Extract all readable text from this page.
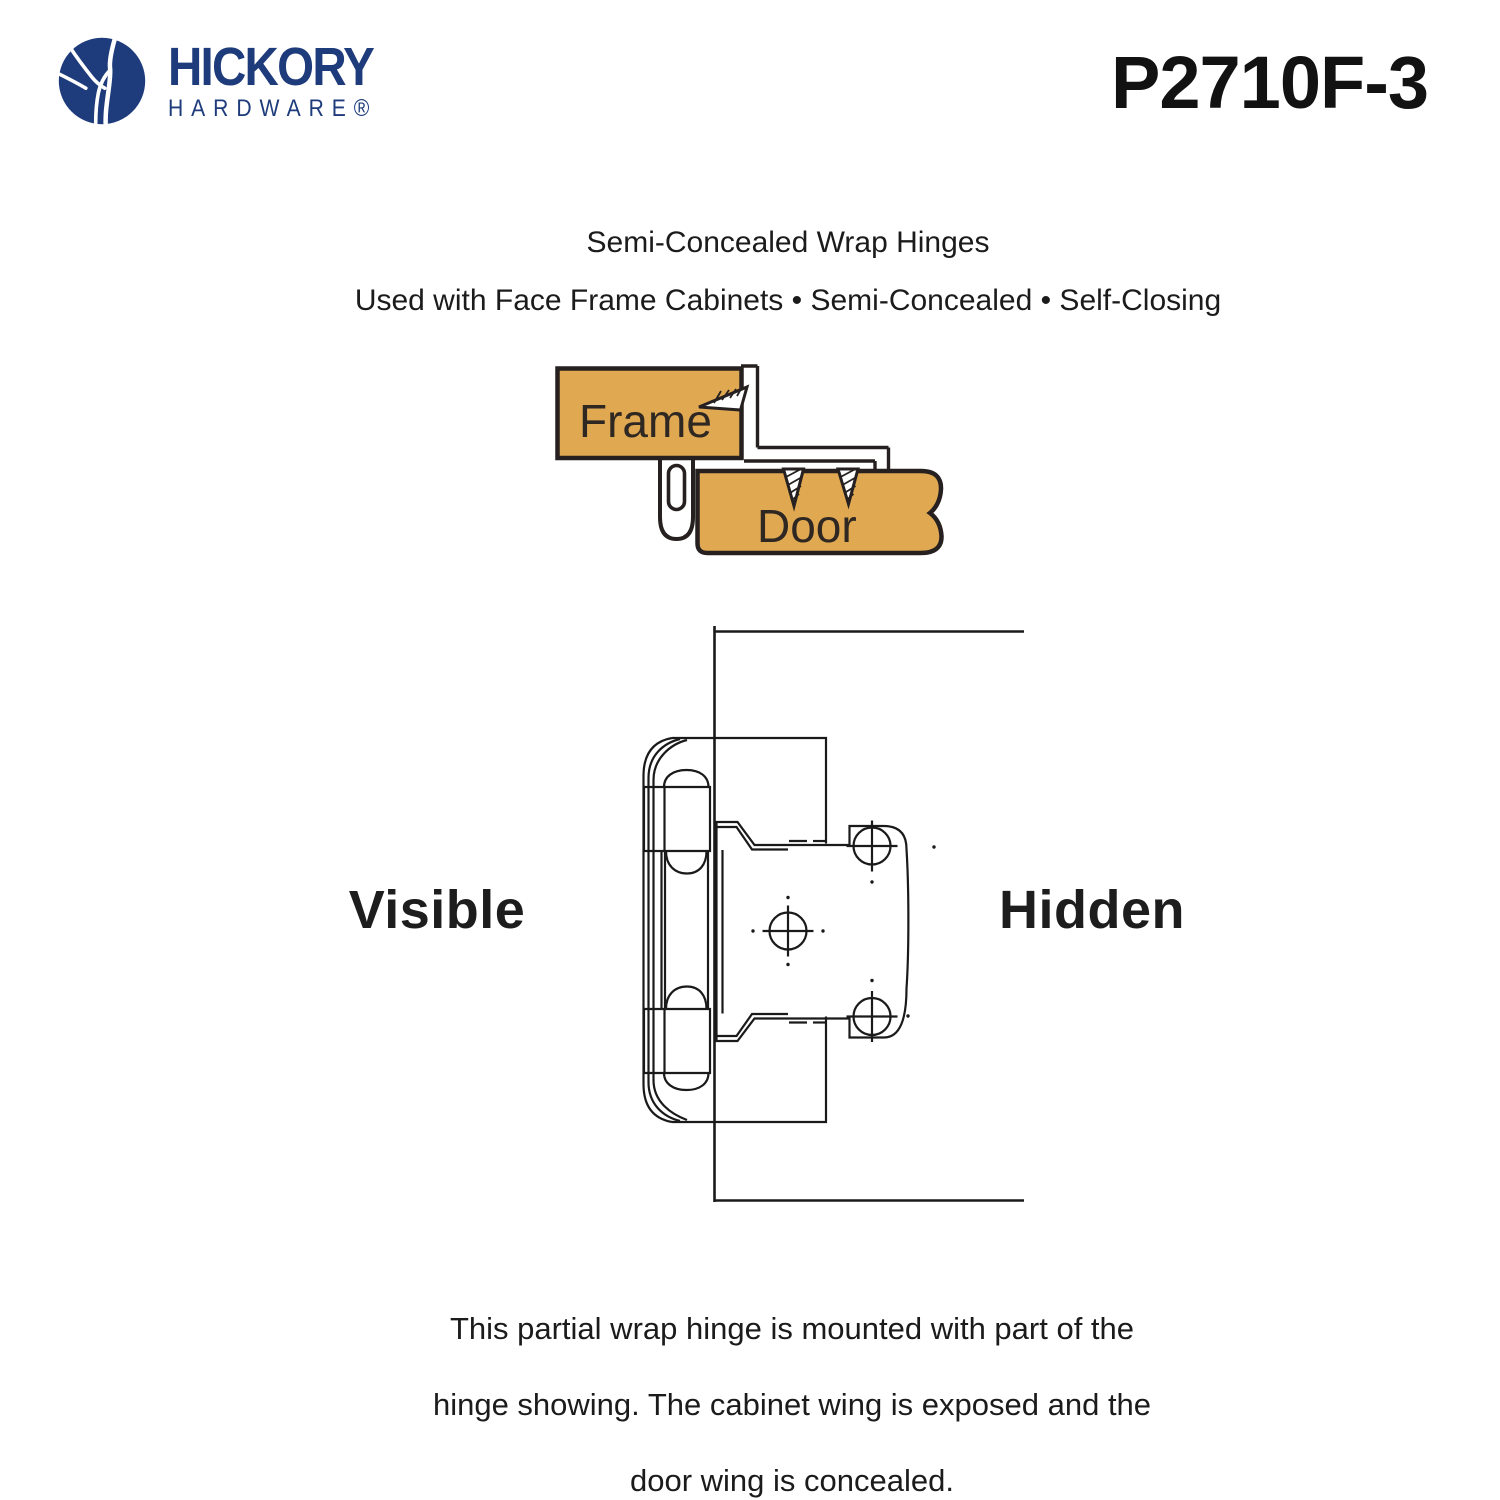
HICKORY
HARDWARE®	P2710F-3
Semi-Concealed Wrap Hinges
Used with Face Frame Cabinets • Semi-Concealed • Self-Closing
Frame
Door
Visible	Hidden
This partial wrap hinge is mounted with part of the
hinge showing. The cabinet wing is exposed and the
door wing is concealed.
